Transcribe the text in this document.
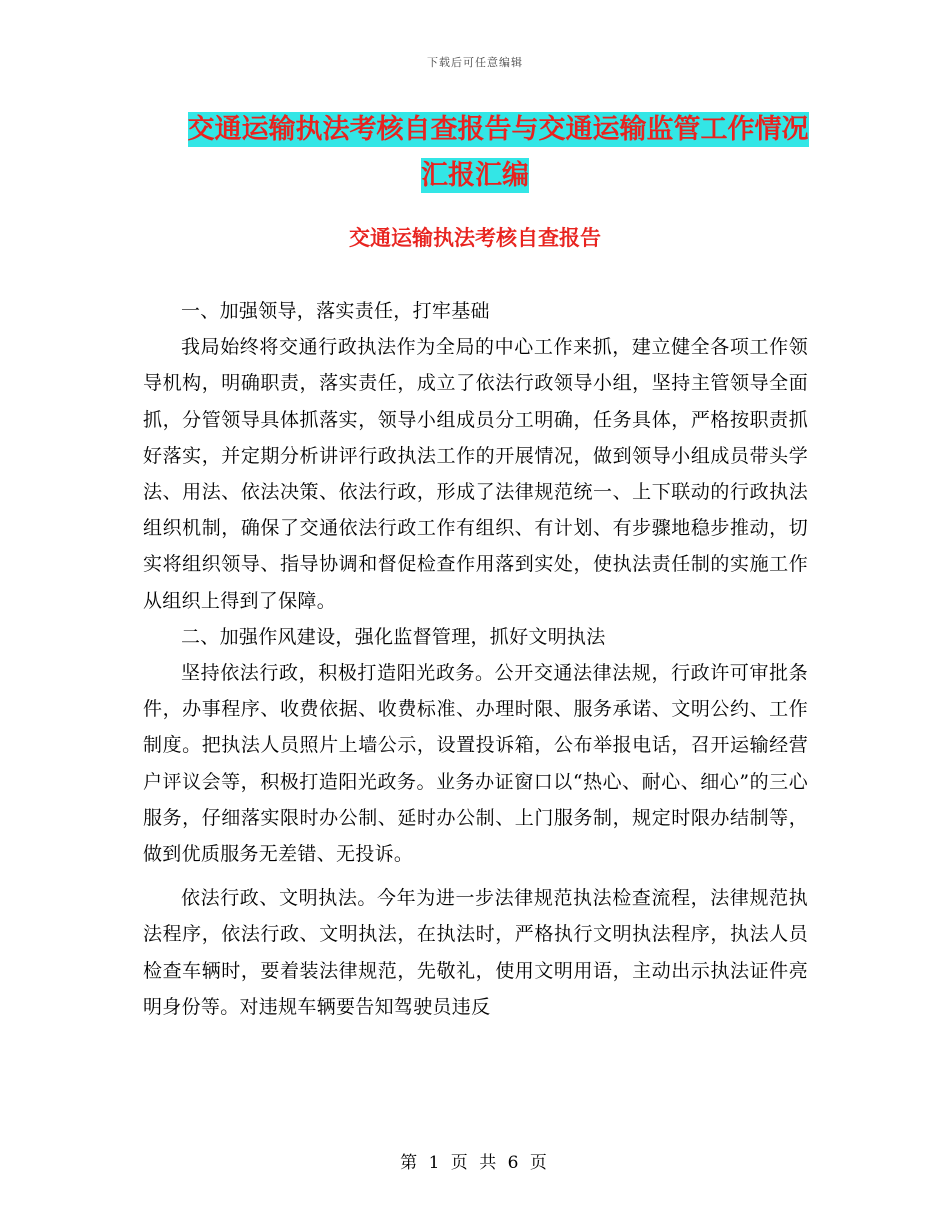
下载后可任意编辑
交通运输执法考核自查报告与交通运输监管工作情况
汇报汇编
交通运输执法考核自查报告

一、加强领导，落实责任，打牢基础

我局始终将交通行政执法作为全局的中心工作来抓，建立健全各项工作领导机构，明确职责，落实责任，成立了依法行政领导小组，坚持主管领导全面抓，分管领导具体抓落实，领导小组成员分工明确，任务具体，严格按职责抓好落实，并定期分析讲评行政执法工作的开展情况，做到领导小组成员带头学法、用法、依法决策、依法行政，形成了法律规范统一、上下联动的行政执法组织机制，确保了交通依法行政工作有组织、有计划、有步骤地稳步推动，切实将组织领导、指导协调和督促检查作用落到实处，使执法责任制的实施工作从组织上得到了保障。

二、加强作风建设，强化监督管理，抓好文明执法

坚持依法行政，积极打造阳光政务。公开交通法律法规，行政许可审批条件，办事程序、收费依据、收费标准、办理时限、服务承诺、文明公约、工作制度。把执法人员照片上墙公示，设置投诉箱，公布举报电话，召开运输经营户评议会等，积极打造阳光政务。业务办证窗口以“热心、耐心、细心”的三心服务，仔细落实限时办公制、延时办公制、上门服务制，规定时限办结制等，做到优质服务无差错、无投诉。

依法行政、文明执法。今年为进一步法律规范执法检查流程，法律规范执法程序，依法行政、文明执法，在执法时，严格执行文明执法程序，执法人员检查车辆时，要着装法律规范，先敬礼，使用文明用语，主动出示执法证件亮明身份等。对违规车辆要告知驾驶员违反

第 1 页 共 6 页
